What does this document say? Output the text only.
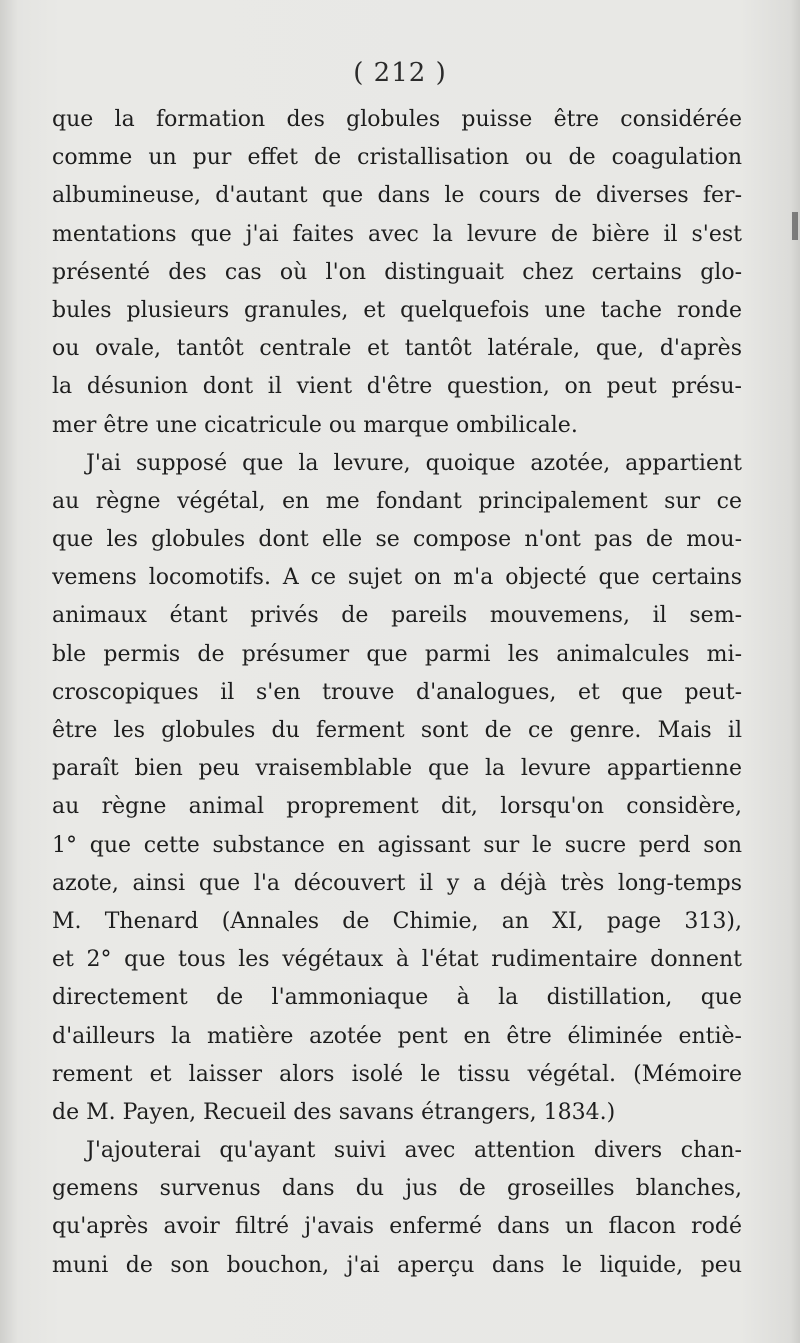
( 212 )
que la formation des globules puisse être considérée
comme un pur effet de cristallisation ou de coagulation
albumineuse, d'autant que dans le cours de diverses fer-
mentations que j'ai faites avec la levure de bière il s'est
présenté des cas où l'on distinguait chez certains glo-
bules plusieurs granules, et quelquefois une tache ronde
ou ovale, tantôt centrale et tantôt latérale, que, d'après
la désunion dont il vient d'être question, on peut présu-
mer être une cicatricule ou marque ombilicale.
J'ai supposé que la levure, quoique azotée, appartient
au règne végétal, en me fondant principalement sur ce
que les globules dont elle se compose n'ont pas de mou-
vemens locomotifs. A ce sujet on m'a objecté que certains
animaux étant privés de pareils mouvemens, il sem-
ble permis de présumer que parmi les animalcules mi-
croscopiques il s'en trouve d'analogues, et que peut-
être les globules du ferment sont de ce genre. Mais il
paraît bien peu vraisemblable que la levure appartienne
au règne animal proprement dit, lorsqu'on considère,
1° que cette substance en agissant sur le sucre perd son
azote, ainsi que l'a découvert il y a déjà très long-temps
M. Thenard (Annales de Chimie, an XI, page 313),
et 2° que tous les végétaux à l'état rudimentaire donnent
directement de l'ammoniaque à la distillation, que
d'ailleurs la matière azotée pent en être éliminée entiè-
rement et laisser alors isolé le tissu végétal. (Mémoire
de M. Payen, Recueil des savans étrangers, 1834.)
J'ajouterai qu'ayant suivi avec attention divers chan-
gemens survenus dans du jus de groseilles blanches,
qu'après avoir filtré j'avais enfermé dans un flacon rodé
muni de son bouchon, j'ai aperçu dans le liquide, peu
